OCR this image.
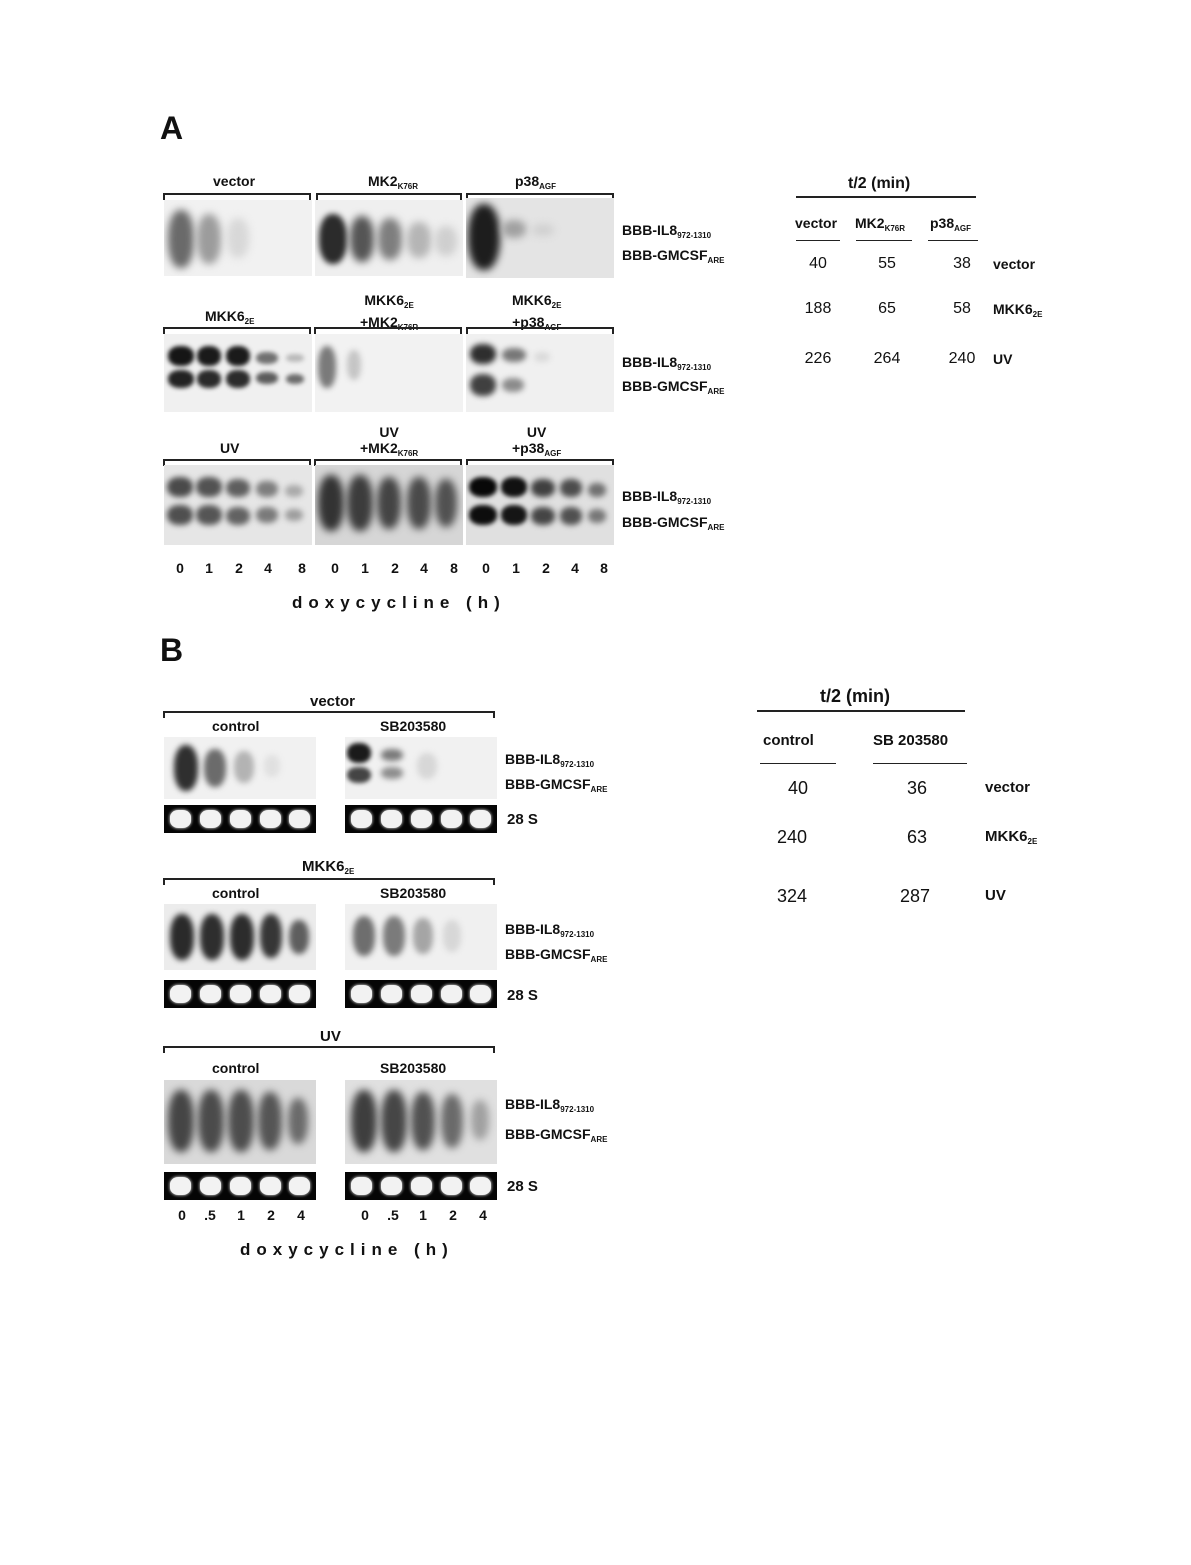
A
vector	$MK2_{K76R}$	$p38_{AGF}$
BBB-$IL8_{972-1310}$
BBB-$GMCSF_{ARE}$
$MKK6_{2E}$
$MKK6_{2E}$
$+MK2_{K76R}$
$MKK6_{2E}$
$+p38_{AGF}$
BBB-$IL8_{972-1310}$
BBB-$GMCSF_{ARE}$
UV
UV
$+MK2_{K76R}$
UV
$+p38_{AGF}$
BBB-$IL8_{972-1310}$
BBB-$GMCSF_{ARE}$
0	1	2	4	8	0	1	2	4	8	0	1	2	4	8
doxycycline (h)
t/2 (min)
vector $MK2_{K76R}$ $p38_{AGF}$
40	55	38	vector
188	65	58	$MKK6_{2E}$
226	264	240	UV
B
vector
control	SB203580
BBB-$IL8_{972-1310}$
BBB-$GMCSF_{ARE}$
28 S
$MKK6_{2E}$
control	SB203580
BBB-$IL8_{972-1310}$
BBB-$GMCSF_{ARE}$
28 S
UV
control	SB203580
BBB-$IL8_{972-1310}$
BBB-$GMCSF_{ARE}$
28 S
0	.5	1	2	4	0	.5	1	2	4
doxycycline (h)
t/2 (min)
control	SB 203580
40	36	vector
240	63	$MKK6_{2E}$
324	287	UV
